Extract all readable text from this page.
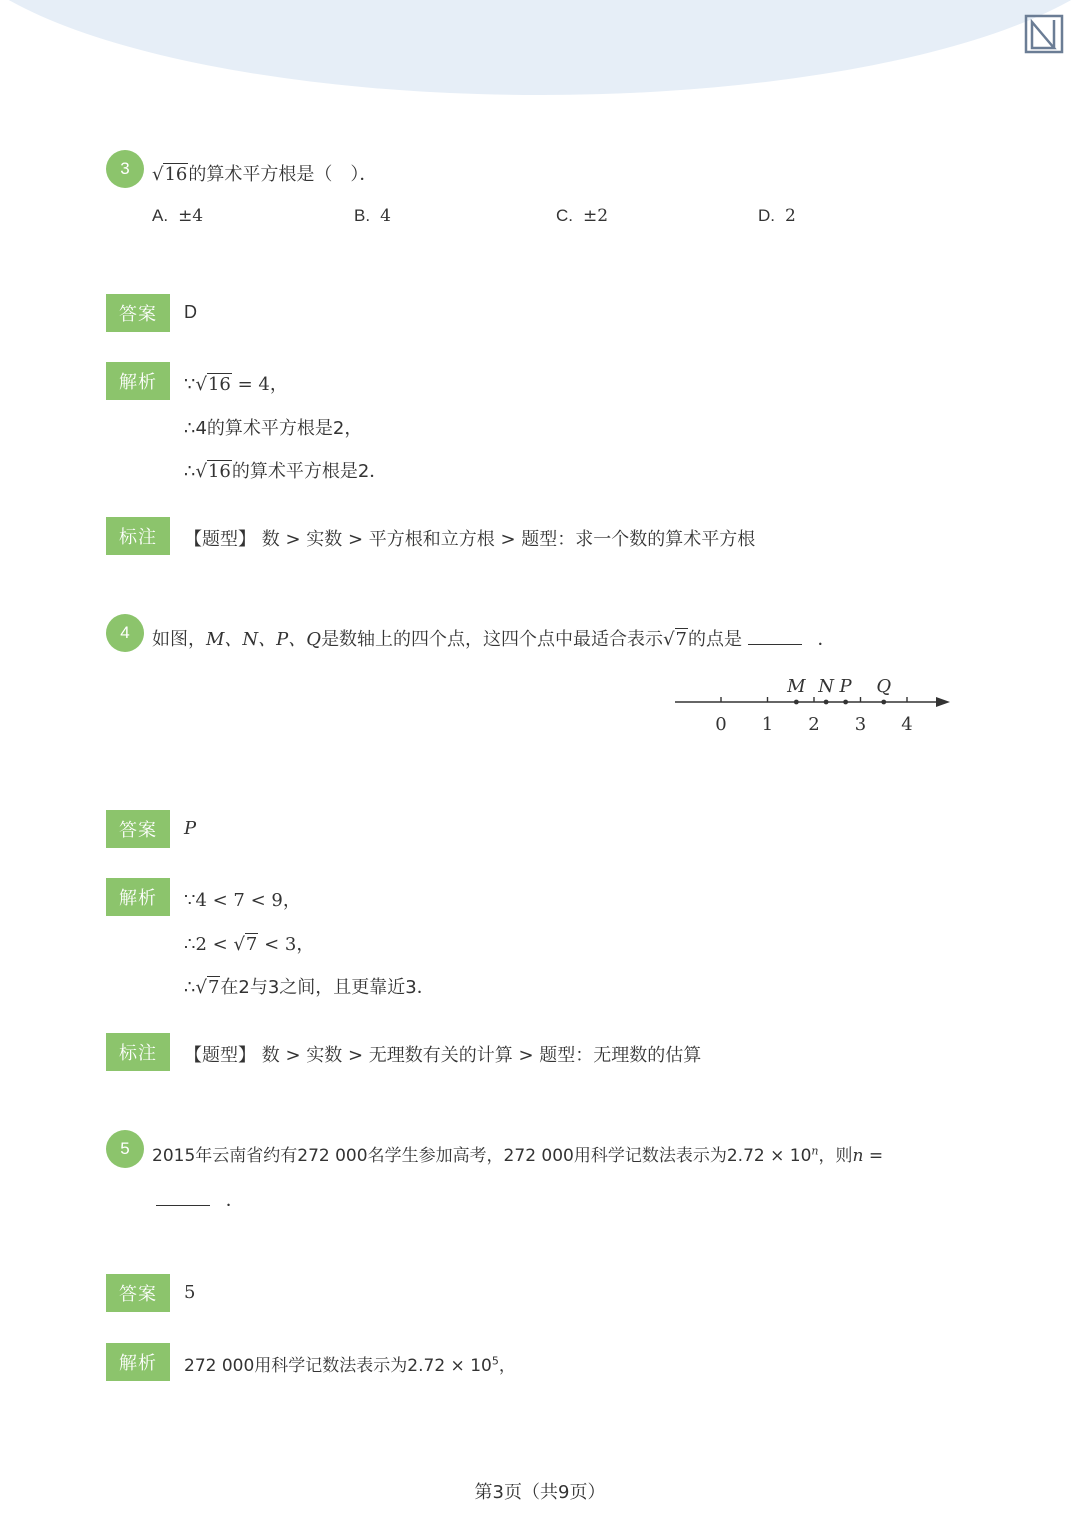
3	√16的算术平方根是（　）．
A. ±4	B. 4	C. ±2	D. 2
答案	D
解析	∵√16 = 4，
∴4的算术平方根是2，
∴√16的算术平方根是2．
标注	【题型】 数 > 实数 > 平方根和立方根 > 题型：求一个数的算术平方根
4	如图，M、N、P、Q是数轴上的四个点，这四个点中最适合表示√7的点是	．
0 1 2 3 4
M N P Q
答案	P
解析	∵4 < 7 < 9，
∴2 < √7 < 3，
∴√7在2与3之间，且更靠近3．
标注	【题型】 数 > 实数 > 无理数有关的计算 > 题型：无理数的估算
5	2015年云南省约有272 000名学生参加高考，272 000用科学记数法表示为$2.72 \times 10^n$，则n =
．
答案	5
解析	272 000用科学记数法表示为$2.72 \times 10^5$，
第3页（共9页）
